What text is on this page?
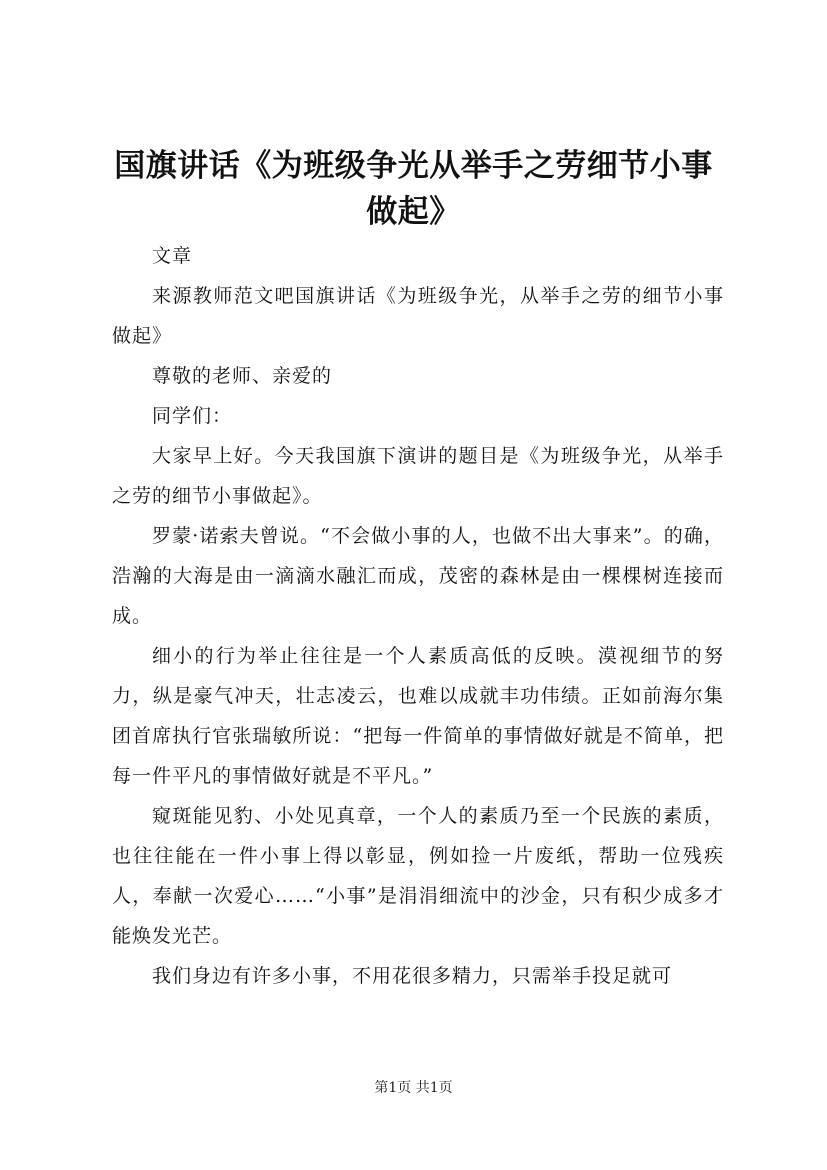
国旗讲话《为班级争光从举手之劳细节小事做起》

文章

来源教师范文吧国旗讲话《为班级争光，从举手之劳的细节小事做起》

尊敬的老师、亲爱的

同学们：

大家早上好。今天我国旗下演讲的题目是《为班级争光，从举手之劳的细节小事做起》。

罗蒙·诺索夫曾说。“不会做小事的人，也做不出大事来”。的确，浩瀚的大海是由一滴滴水融汇而成，茂密的森林是由一棵棵树连接而成。

细小的行为举止往往是一个人素质高低的反映。漠视细节的努力，纵是豪气冲天，壮志凌云，也难以成就丰功伟绩。正如前海尔集团首席执行官张瑞敏所说：“把每一件简单的事情做好就是不简单，把每一件平凡的事情做好就是不平凡。”

窥斑能见豹、小处见真章，一个人的素质乃至一个民族的素质，也往往能在一件小事上得以彰显，例如捡一片废纸，帮助一位残疾人，奉献一次爱心……“小事”是涓涓细流中的沙金，只有积少成多才能焕发光芒。

我们身边有许多小事，不用花很多精力，只需举手投足就可

第1页 共1页
